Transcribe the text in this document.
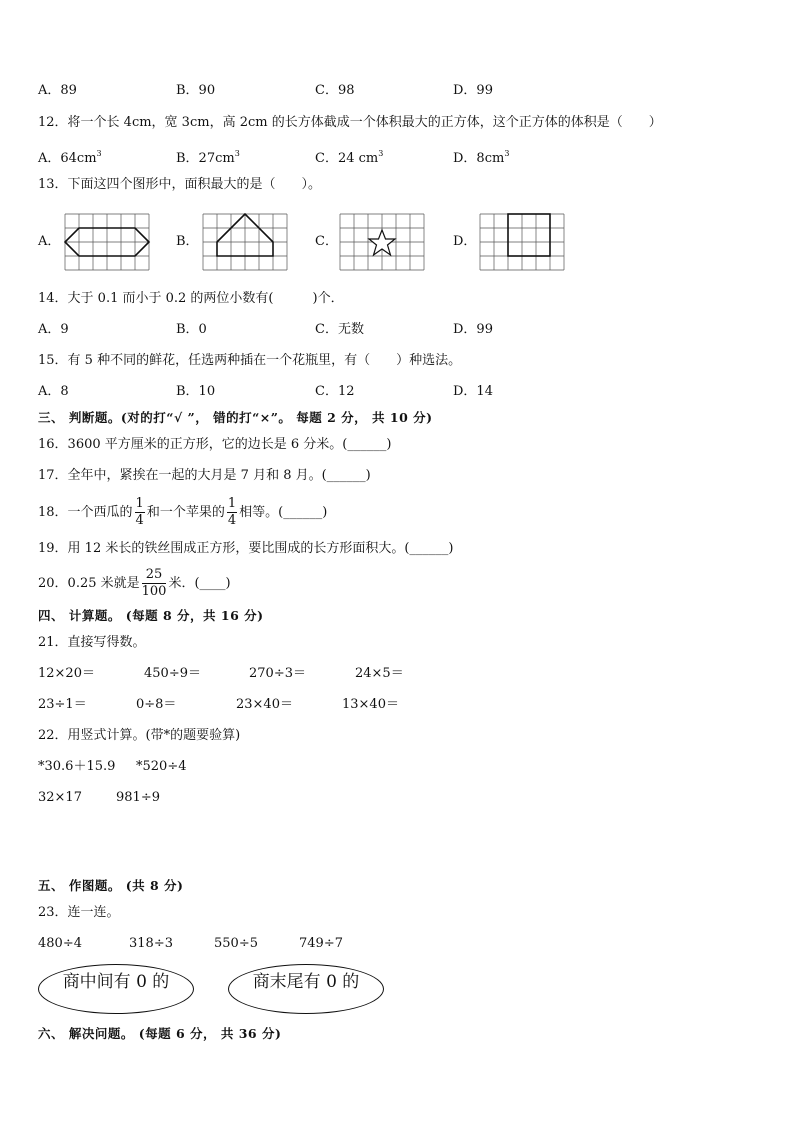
A．89	B．90	C．98	D．99
12．将一个长 4cm，宽 3cm，高 2cm 的长方体截成一个体积最大的正方体，这个正方体的体积是（　　）
A．$64cm^3$	B．$27cm^3$	C．24 $cm^3$	D．$8cm^3$
13．下面这四个图形中，面积最大的是（　　）。
A．	B．	C．	D．
14．大于 0.1 而小于 0.2 的两位小数有(　　　)个．
A．9	B．0	C．无数	D．99
15．有 5 种不同的鲜花，任选两种插在一个花瓶里，有（　　）种选法。
A．8	B．10	C．12	D．14
三、 判断题。(对的打“√ ”， 错的打“×”。 每题 2 分， 共 10 分)
16．3600 平方厘米的正方形，它的边长是 6 分米。(______)
17．全年中，紧挨在一起的大月是 7 月和 8 月。(______)
18．一个西瓜的 $\frac{1}{4}$ 和一个苹果的 $\frac{1}{4}$ 相等。(______)
19．用 12 米长的铁丝围成正方形，要比围成的长方形面积大。(______)
20．0.25 米就是 $\frac{25}{100}$ 米．(____)
四、 计算题。 (每题 8 分，共 16 分)
21．直接写得数。
12×20＝	450÷9＝	270÷3＝	24×5＝
23÷1＝	0÷8＝	23×40＝	13×40＝
22．用竖式计算。(带*的题要验算)
*30.6＋15.9 *520÷4
32×17	981÷9
五、 作图题。 (共 8 分)
23．连一连。
480÷4	318÷3	550÷5	749÷7
商中间有 0 的	商末尾有 0 的
六、 解决问题。 (每题 6 分， 共 36 分)
